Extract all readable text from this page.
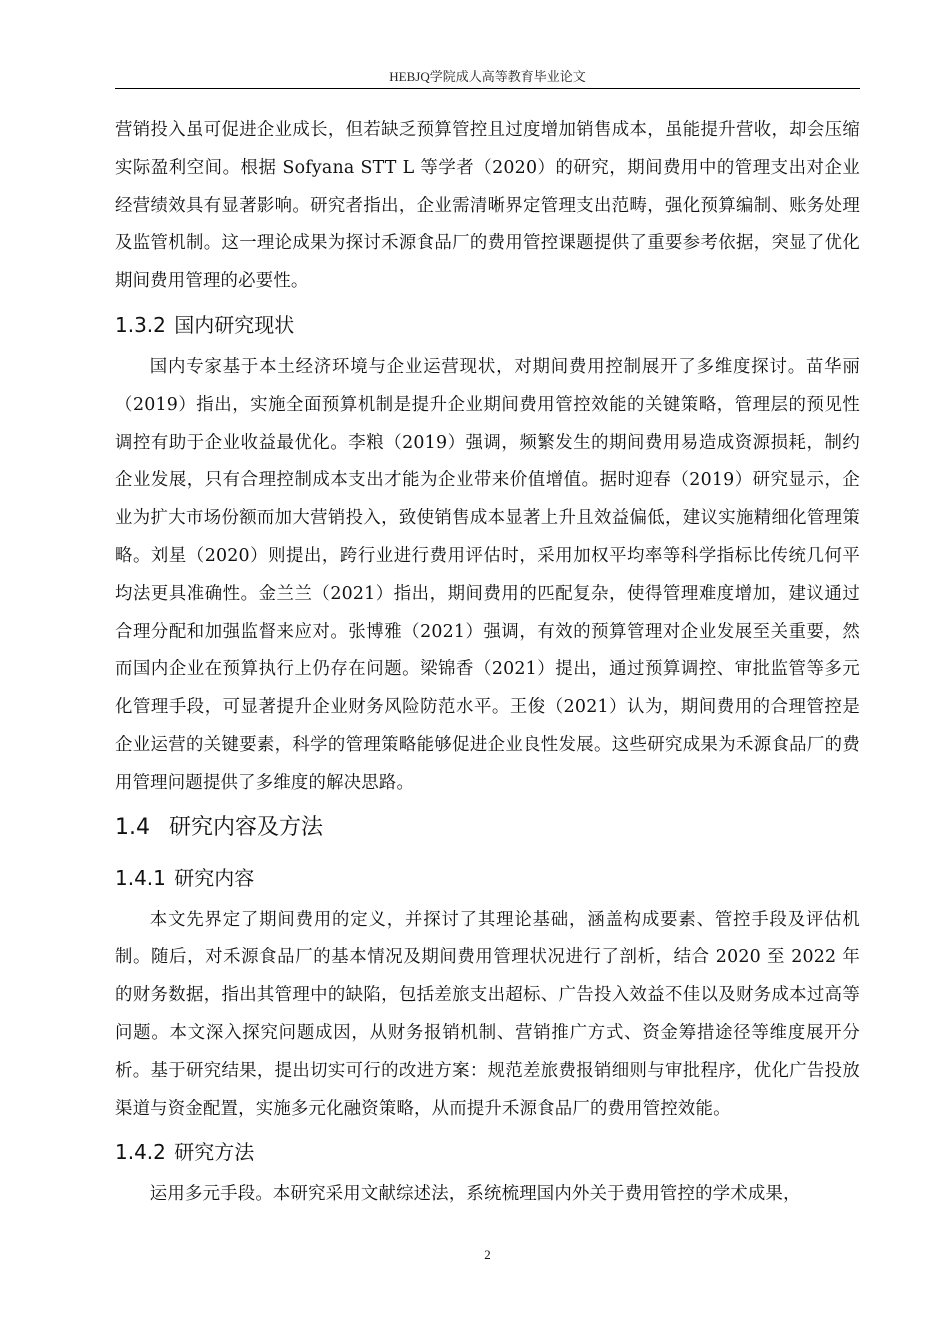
HEBJQ学院成人高等教育毕业论文

营销投入虽可促进企业成长，但若缺乏预算管控且过度增加销售成本，虽能提升营收，却会压缩实际盈利空间。根据 Sofyana STT L 等学者（2020）的研究，期间费用中的管理支出对企业经营绩效具有显著影响。研究者指出，企业需清晰界定管理支出范畴，强化预算编制、账务处理及监管机制。这一理论成果为探讨禾源食品厂的费用管控课题提供了重要参考依据，突显了优化期间费用管理的必要性。

1.3.2 国内研究现状

国内专家基于本土经济环境与企业运营现状，对期间费用控制展开了多维度探讨。苗华丽（2019）指出，实施全面预算机制是提升企业期间费用管控效能的关键策略，管理层的预见性调控有助于企业收益最优化。李粮（2019）强调，频繁发生的期间费用易造成资源损耗，制约企业发展，只有合理控制成本支出才能为企业带来价值增值。据时迎春（2019）研究显示，企业为扩大市场份额而加大营销投入，致使销售成本显著上升且效益偏低，建议实施精细化管理策略。刘星（2020）则提出，跨行业进行费用评估时，采用加权平均率等科学指标比传统几何平均法更具准确性。金兰兰（2021）指出，期间费用的匹配复杂，使得管理难度增加，建议通过合理分配和加强监督来应对。张博雅（2021）强调，有效的预算管理对企业发展至关重要，然而国内企业在预算执行上仍存在问题。梁锦香（2021）提出，通过预算调控、审批监管等多元化管理手段，可显著提升企业财务风险防范水平。王俊（2021）认为，期间费用的合理管控是企业运营的关键要素，科学的管理策略能够促进企业良性发展。这些研究成果为禾源食品厂的费用管理问题提供了多维度的解决思路。

1.4 研究内容及方法
1.4.1 研究内容

本文先界定了期间费用的定义，并探讨了其理论基础，涵盖构成要素、管控手段及评估机制。随后，对禾源食品厂的基本情况及期间费用管理状况进行了剖析，结合 2020 至 2022 年的财务数据，指出其管理中的缺陷，包括差旅支出超标、广告投入效益不佳以及财务成本过高等问题。本文深入探究问题成因，从财务报销机制、营销推广方式、资金筹措途径等维度展开分析。基于研究结果，提出切实可行的改进方案：规范差旅费报销细则与审批程序，优化广告投放渠道与资金配置，实施多元化融资策略，从而提升禾源食品厂的费用管控效能。

1.4.2 研究方法

运用多元手段。本研究采用文献综述法，系统梳理国内外关于费用管控的学术成果，

2
